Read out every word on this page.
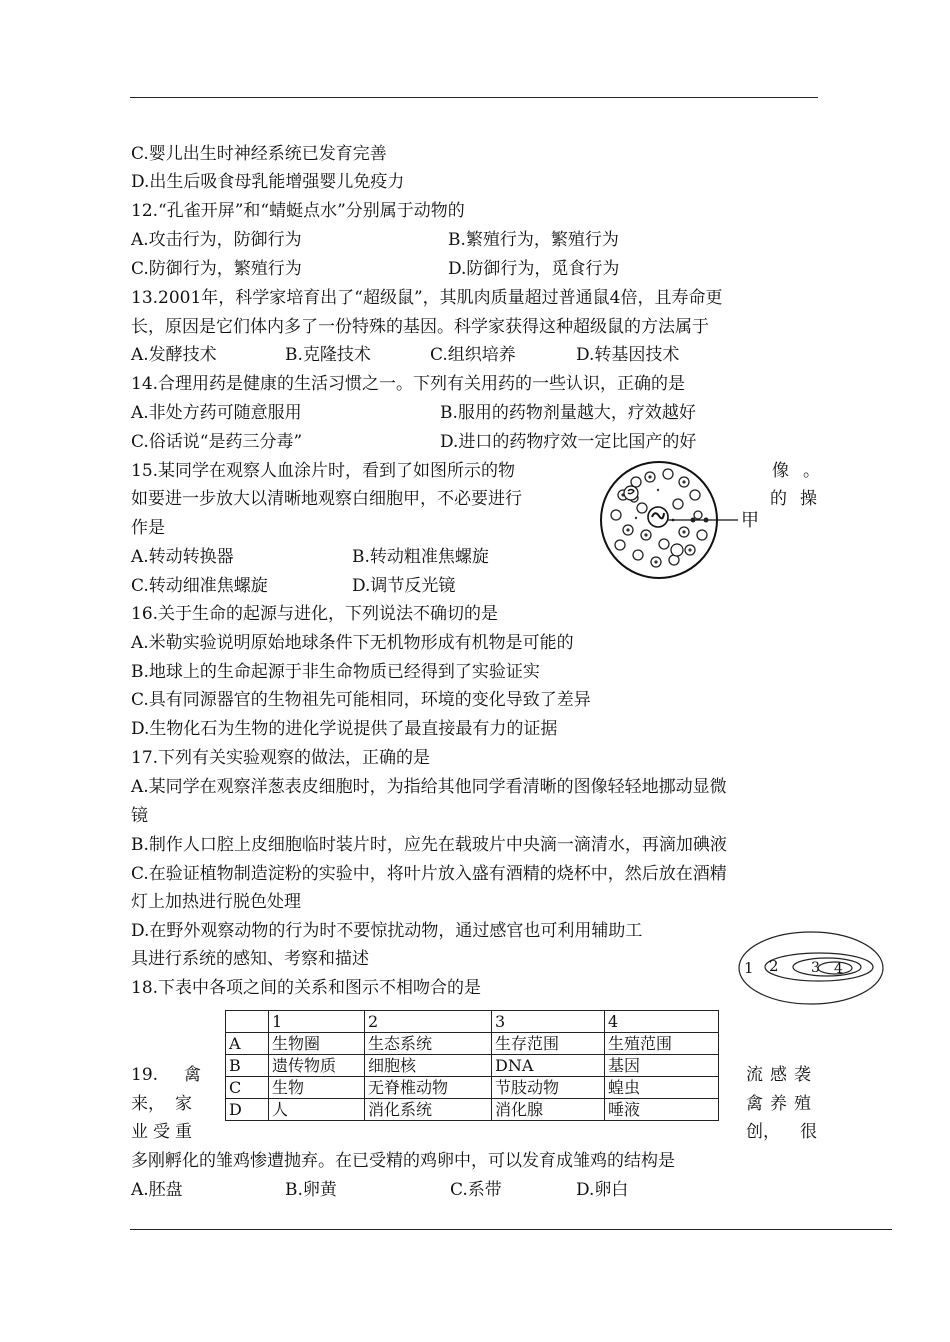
C.婴儿出生时神经系统已发育完善
D.出生后吸食母乳能增强婴儿免疫力
12.“孔雀开屏”和“蜻蜓点水”分别属于动物的
A.攻击行为，防御行为	B.繁殖行为，繁殖行为
C.防御行为，繁殖行为	D.防御行为，觅食行为
13.2001年，科学家培育出了“超级鼠”，其肌肉质量超过普通鼠4倍，且寿命更
长，原因是它们体内多了一份特殊的基因。科学家获得这种超级鼠的方法属于
A.发酵技术	B.克隆技术	C.组织培养	D.转基因技术
14.合理用药是健康的生活习惯之一。下列有关用药的一些认识，正确的是
A.非处方药可随意服用	B.服用的药物剂量越大，疗效越好
C.俗话说“是药三分毒”	D.进口的药物疗效一定比国产的好
15.某同学在观察人血涂片时，看到了如图所示的物	像。
如要进一步放大以清晰地观察白细胞甲，不必要进行	的操
作是
A.转动转换器	B.转动粗准焦螺旋
C.转动细准焦螺旋	D.调节反光镜
甲
16.关于生命的起源与进化，下列说法不确切的是
A.米勒实验说明原始地球条件下无机物形成有机物是可能的
B.地球上的生命起源于非生命物质已经得到了实验证实
C.具有同源器官的生物祖先可能相同，环境的变化导致了差异
D.生物化石为生物的进化学说提供了最直接最有力的证据
17.下列有关实验观察的做法，正确的是
A.某同学在观察洋葱表皮细胞时，为指给其他同学看清晰的图像轻轻地挪动显微
镜
B.制作人口腔上皮细胞临时装片时，应先在载玻片中央滴一滴清水，再滴加碘液
C.在验证植物制造淀粉的实验中，将叶片放入盛有酒精的烧杯中，然后放在酒精
灯上加热进行脱色处理
D.在野外观察动物的行为时不要惊扰动物，通过感官也可利用辅助工
具进行系统的感知、考察和描述	1 2 3 4
18.下表中各项之间的关系和图示不相吻合的是
	1	2	3	4
A	生物圈	生态系统	生存范围	生殖范围
B	遗传物质	细胞核	DNA	基因
C	生物	无脊椎动物	节肢动物	蝗虫
D	人	消化系统	消化腺	唾液
19. 禽	流 感 袭
来， 家	禽 养 殖
业 受 重	创， 很
多刚孵化的雏鸡惨遭抛弃。在已受精的鸡卵中，可以发育成雏鸡的结构是
A.胚盘	B.卵黄	C.系带	D.卵白
